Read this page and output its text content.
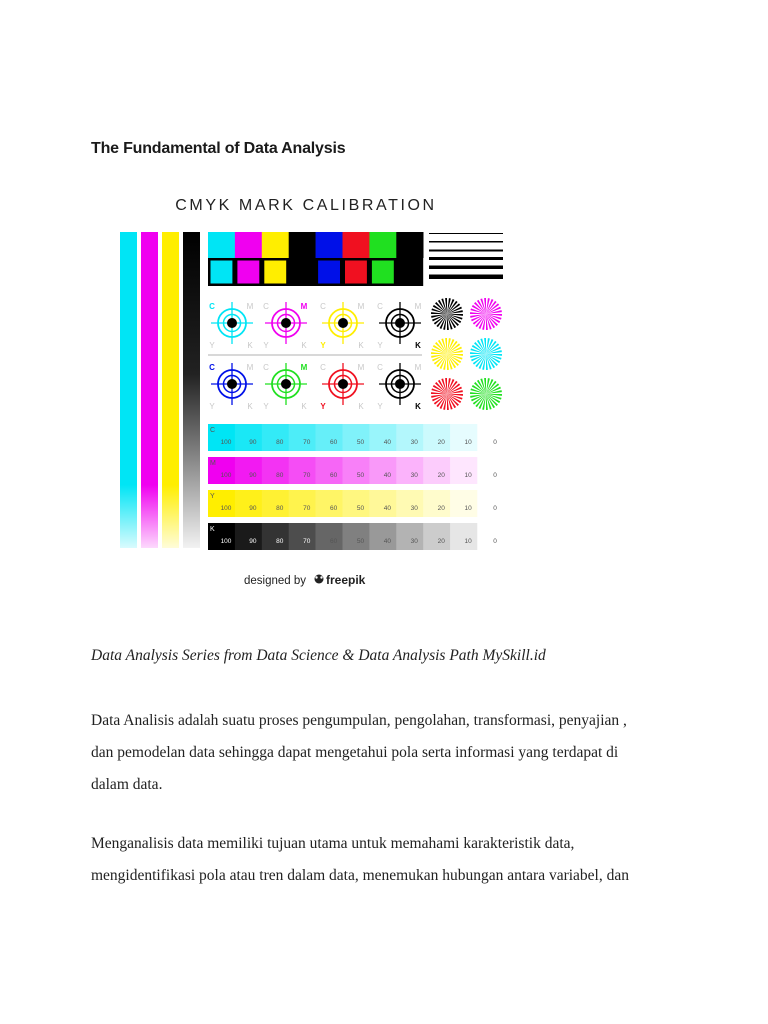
The Fundamental of Data Analysis
CMYK MARK CALIBRATION
C	M
Y	K
C	M
Y	K
C	M
Y	K
C	M
Y	K
C	M
Y	K
C	M
Y	K
C	M
Y	K
C	M
Y	K
C
100	90	80	70	60	50	40	30	20	10	0
M
100	90	80	70	60	50	40	30	20	10	0
Y
100	90	80	70	60	50	40	30	20	10	0
K
100	90	80	70	60	50	40	30	20	10	0
designed by freepik
Data Analysis Series from Data Science & Data Analysis Path MySkill.id
Data Analisis adalah suatu proses pengumpulan, pengolahan, transformasi, penyajian ,
dan pemodelan data sehingga dapat mengetahui pola serta informasi yang terdapat di
dalam data.
Menganalisis data memiliki tujuan utama untuk memahami karakteristik data,
mengidentifikasi pola atau tren dalam data, menemukan hubungan antara variabel, dan
